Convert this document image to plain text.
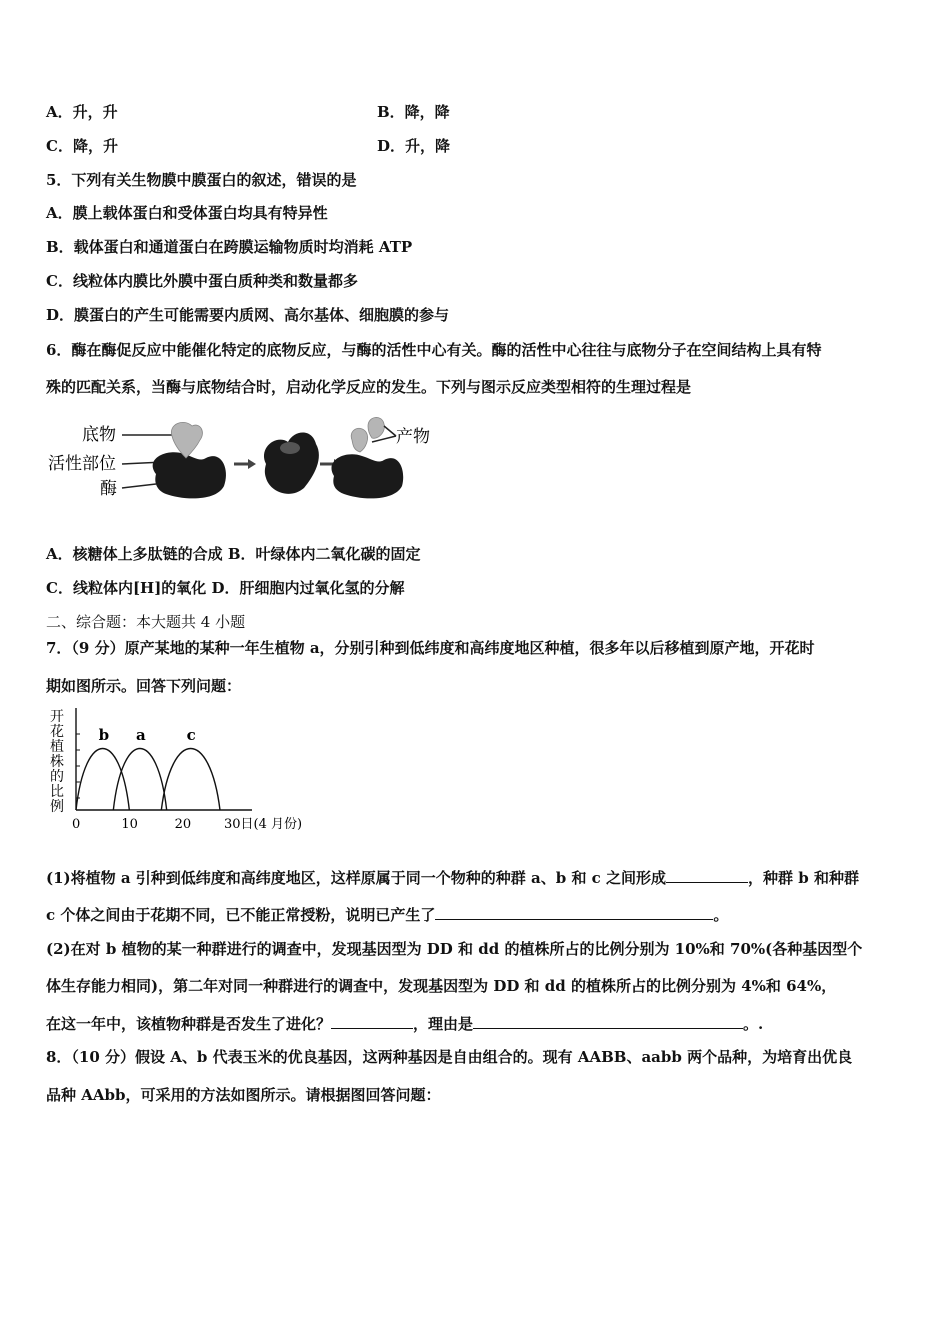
A．升，升	B．降，降
C．降，升	D．升，降
5．下列有关生物膜中膜蛋白的叙述，错误的是
A．膜上载体蛋白和受体蛋白均具有特异性
B．载体蛋白和通道蛋白在跨膜运输物质时均消耗 ATP
C．线粒体内膜比外膜中蛋白质种类和数量都多
D．膜蛋白的产生可能需要内质网、高尔基体、细胞膜的参与
6．酶在酶促反应中能催化特定的底物反应，与酶的活性中心有关。酶的活性中心往往与底物分子在空间结构上具有特
殊的匹配关系，当酶与底物结合时，启动化学反应的发生。下列与图示反应类型相符的生理过程是
底物
活性部位
酶
产物
A．核糖体上多肽链的合成 B．叶绿体内二氧化碳的固定
C．线粒体内[H]的氧化 D．肝细胞内过氧化氢的分解
二、综合题：本大题共 4 小题
7．（9 分）原产某地的某种一年生植物 a，分别引种到低纬度和高纬度地区种植，很多年以后移植到原产地，开花时
期如图所示。回答下列问题：
开
花
植
株
的
比
例
0	10	20	30日(4 月份)
b a	c
(1)将植物 a 引种到低纬度和高纬度地区，这样原属于同一个物种的种群 a、b 和 c 之间形成	，种群 b 和种群
c 个体之间由于花期不同，已不能正常授粉，说明已产生了	。
(2)在对 b 植物的某一种群进行的调查中，发现基因型为 DD 和 dd 的植株所占的比例分别为 10%和 70%(各种基因型个
体生存能力相同)，第二年对同一种群进行的调查中，发现基因型为 DD 和 dd 的植株所占的比例分别为 4%和 64%，
在这一年中，该植物种群是否发生了进化？	，理由是	。.
8．（10 分）假设 A、b 代表玉米的优良基因，这两种基因是自由组合的。现有 AABB、aabb 两个品种，为培育出优良
品种 AAbb，可采用的方法如图所示。请根据图回答问题：
